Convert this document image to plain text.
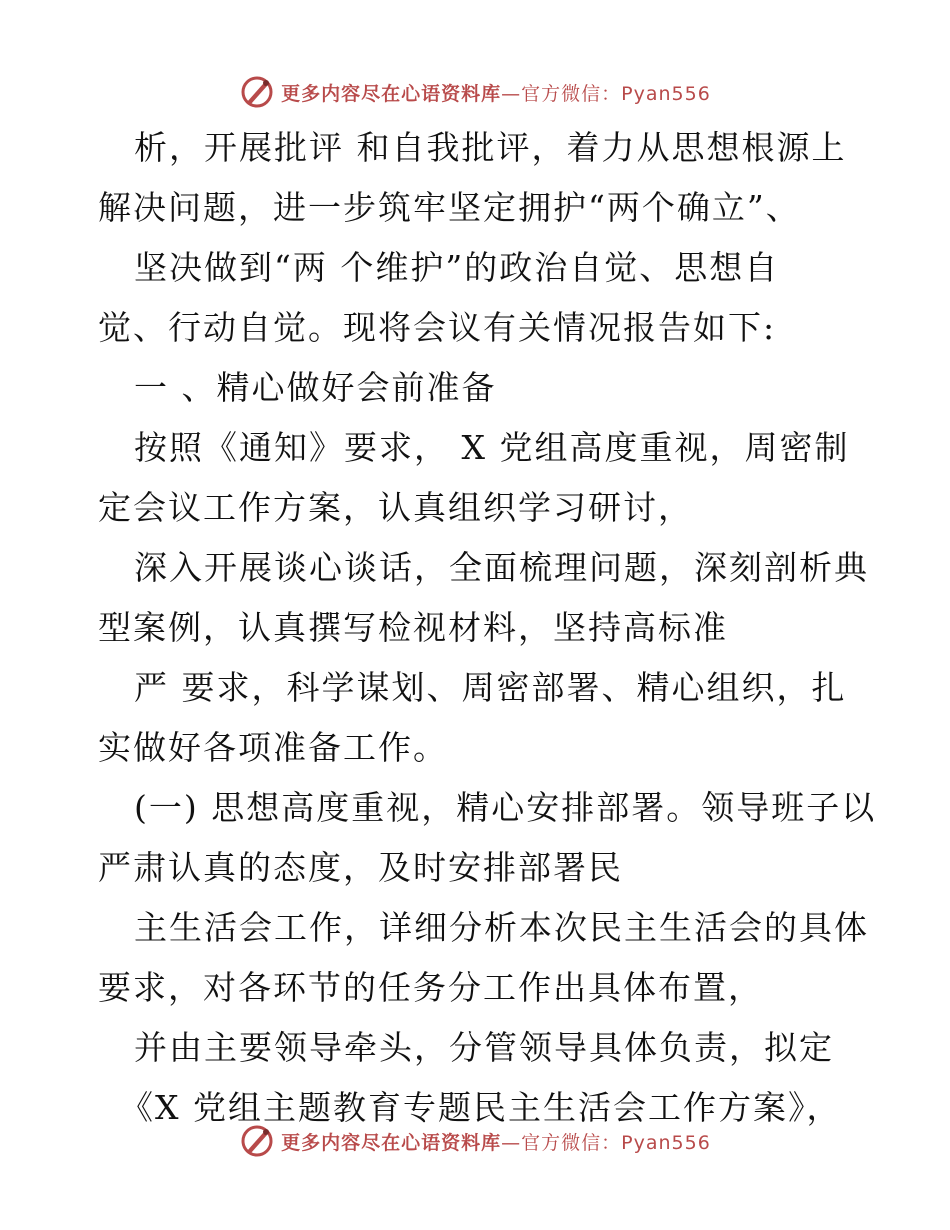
更多内容尽在心语资料库—官方微信：Pyan556
析，开展批评 和自我批评，着力从思想根源上
解决问题，进一步筑牢坚定拥护“两个确立”、
坚决做到“两 个维护”的政治自觉、思想自
觉、行动自觉。现将会议有关情况报告如下:
一 、精心做好会前准备
按照《通知》要求， X 党组高度重视，周密制
定会议工作方案，认真组织学习研讨，
深入开展谈心谈话，全面梳理问题，深刻剖析典
型案例，认真撰写检视材料，坚持高标准
严 要求，科学谋划、周密部署、精心组织，扎
实做好各项准备工作。
(一) 思想高度重视，精心安排部署。领导班子以
严肃认真的态度，及时安排部署民
主生活会工作，详细分析本次民主生活会的具体
要求，对各环节的任务分工作出具体布置，
并由主要领导牵头，分管领导具体负责，拟定
《X 党组主题教育专题民主生活会工作方案》，
更多内容尽在心语资料库—官方微信：Pyan556
